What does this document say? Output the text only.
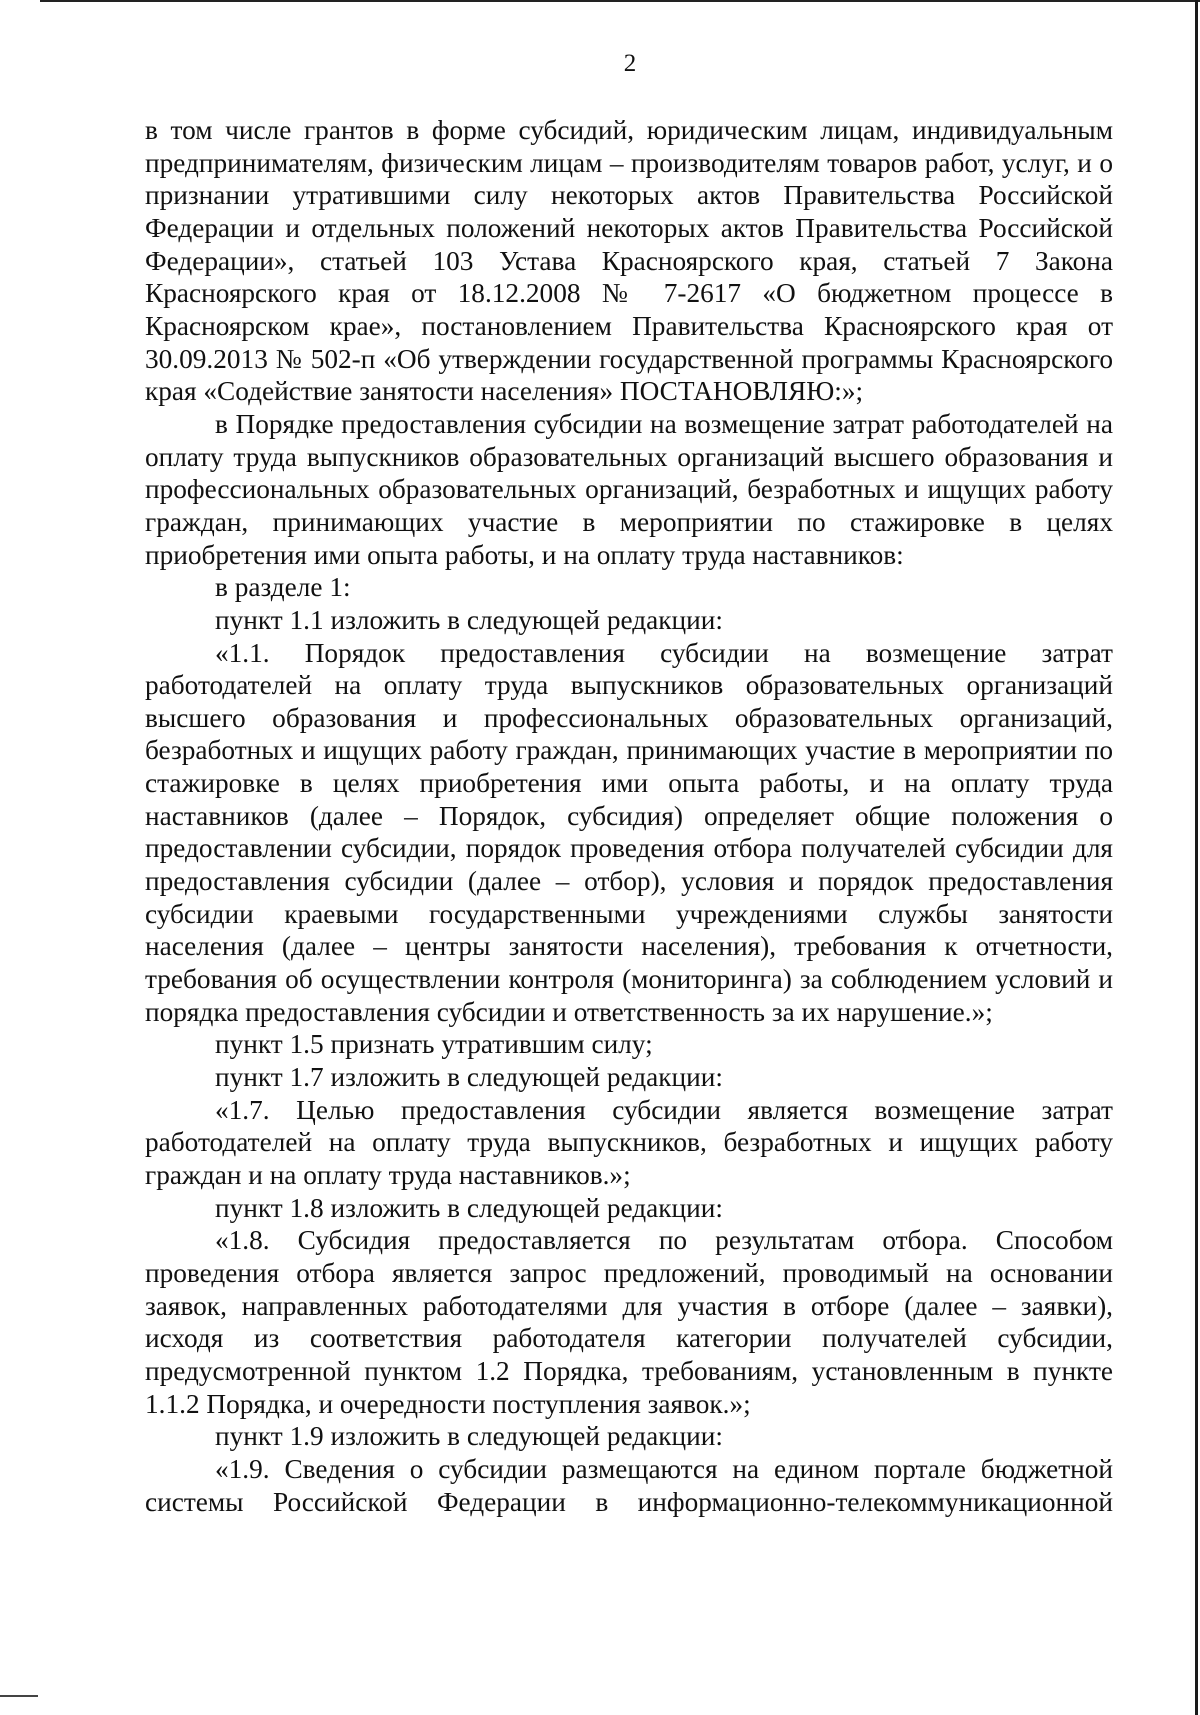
2

в том числе грантов в форме субсидий, юридическим лицам, индивидуальным предпринимателям, физическим лицам – производителям товаров работ, услуг, и о признании утратившими силу некоторых актов Правительства Российской Федерации и отдельных положений некоторых актов Правительства Российской Федерации», статьей 103 Устава Красноярского края, статьей 7 Закона Красноярского края от 18.12.2008 № 7-2617 «О бюджетном процессе в Красноярском крае», постановлением Правительства Красноярского края от 30.09.2013 № 502-п «Об утверждении государственной программы Красноярского края «Содействие занятости населения» ПОСТАНОВЛЯЮ:»;

в Порядке предоставления субсидии на возмещение затрат работодателей на оплату труда выпускников образовательных организаций высшего образования и профессиональных образовательных организаций, безработных и ищущих работу граждан, принимающих участие в мероприятии по стажировке в целях приобретения ими опыта работы, и на оплату труда наставников:

в разделе 1:

пункт 1.1 изложить в следующей редакции:

«1.1. Порядок предоставления субсидии на возмещение затрат работодателей на оплату труда выпускников образовательных организаций высшего образования и профессиональных образовательных организаций, безработных и ищущих работу граждан, принимающих участие в мероприятии по стажировке в целях приобретения ими опыта работы, и на оплату труда наставников (далее – Порядок, субсидия) определяет общие положения о предоставлении субсидии, порядок проведения отбора получателей субсидии для предоставления субсидии (далее – отбор), условия и порядок предоставления субсидии краевыми государственными учреждениями службы занятости населения (далее – центры занятости населения), требования к отчетности, требования об осуществлении контроля (мониторинга) за соблюдением условий и порядка предоставления субсидии и ответственность за их нарушение.»;

пункт 1.5 признать утратившим силу;

пункт 1.7 изложить в следующей редакции:

«1.7. Целью предоставления субсидии является возмещение затрат работодателей на оплату труда выпускников, безработных и ищущих работу граждан и на оплату труда наставников.»;

пункт 1.8 изложить в следующей редакции:

«1.8. Субсидия предоставляется по результатам отбора. Способом проведения отбора является запрос предложений, проводимый на основании заявок, направленных работодателями для участия в отборе (далее – заявки), исходя из соответствия работодателя категории получателей субсидии, предусмотренной пунктом 1.2 Порядка, требованиям, установленным в пункте 1.1.2 Порядка, и очередности поступления заявок.»;

пункт 1.9 изложить в следующей редакции:

«1.9. Сведения о субсидии размещаются на едином портале бюджетной системы Российской Федерации в информационно-телекоммуникационной
